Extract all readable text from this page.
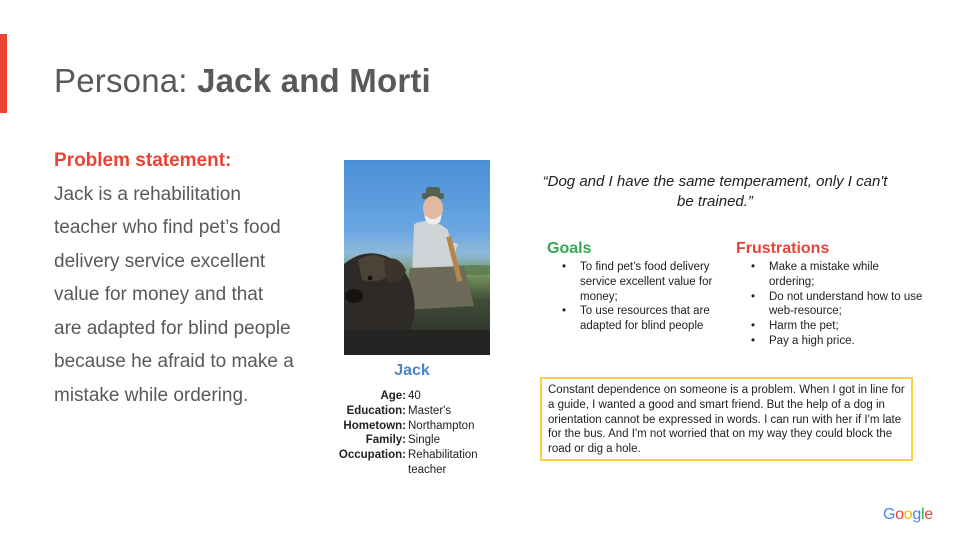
Persona: Jack and Morti
Problem statement:
Jack is a rehabilitation teacher who find pet’s food delivery service excellent value for money and that are adapted for blind people because he afraid to make a mistake while ordering.
Jack
Age: 40
Education: Master's
Hometown: Northampton
Family: Single
Occupation: Rehabilitation teacher
“Dog and I have the same temperament, only I can't be trained.”
Goals
• To find pet’s food delivery service excellent value for money;
• To use resources that are adapted for blind people
Frustrations
• Make a mistake while ordering;
• Do not understand how to use web-resource;
• Harm the pet;
• Pay a high price.
Constant dependence on someone is a problem. When I got in line for a guide, I wanted a good and smart friend. But the help of a dog in orientation cannot be expressed in words. I can run with her if I'm late for the bus. And I'm not worried that on my way they could block the road or dig a hole.
Google
